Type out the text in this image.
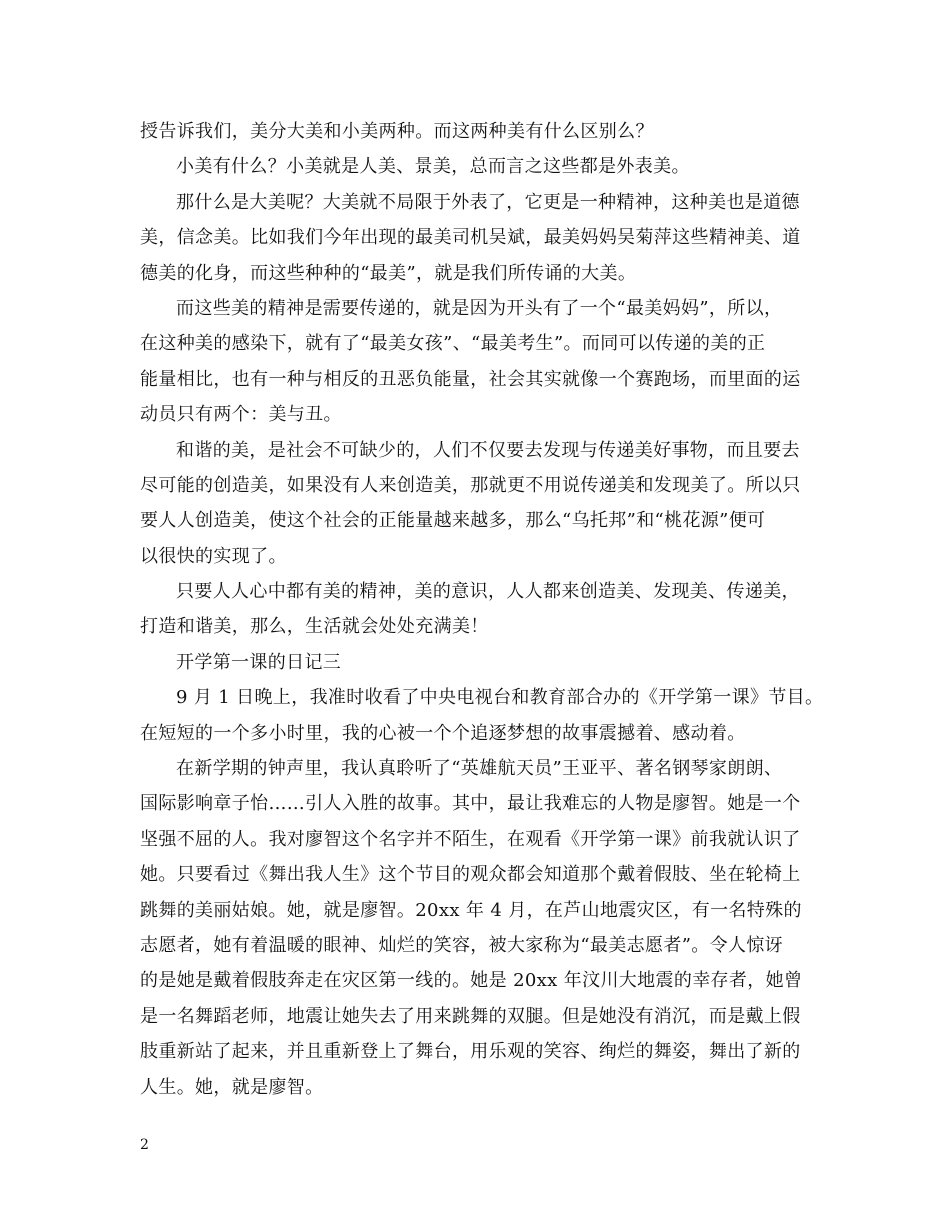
授告诉我们，美分大美和小美两种。而这两种美有什么区别么？
小美有什么？小美就是人美、景美，总而言之这些都是外表美。
那什么是大美呢？大美就不局限于外表了，它更是一种精神，这种美也是道德
美，信念美。比如我们今年出现的最美司机吴斌，最美妈妈吴菊萍这些精神美、道
德美的化身，而这些种种的“最美”，就是我们所传诵的大美。
而这些美的精神是需要传递的，就是因为开头有了一个“最美妈妈”，所以，
在这种美的感染下，就有了“最美女孩”、“最美考生”。而同可以传递的美的正
能量相比，也有一种与相反的丑恶负能量，社会其实就像一个赛跑场，而里面的运
动员只有两个：美与丑。
和谐的美，是社会不可缺少的，人们不仅要去发现与传递美好事物，而且要去
尽可能的创造美，如果没有人来创造美，那就更不用说传递美和发现美了。所以只
要人人创造美，使这个社会的正能量越来越多，那么“乌托邦”和“桃花源”便可
以很快的实现了。
只要人人心中都有美的精神，美的意识，人人都来创造美、发现美、传递美，
打造和谐美，那么，生活就会处处充满美！
开学第一课的日记三
9 月 1 日晚上，我准时收看了中央电视台和教育部合办的《开学第一课》节目。
在短短的一个多小时里，我的心被一个个追逐梦想的故事震撼着、感动着。
在新学期的钟声里，我认真聆听了“英雄航天员”王亚平、著名钢琴家朗朗、
国际影响章子怡……引人入胜的故事。其中，最让我难忘的人物是廖智。她是一个
坚强不屈的人。我对廖智这个名字并不陌生，在观看《开学第一课》前我就认识了
她。只要看过《舞出我人生》这个节目的观众都会知道那个戴着假肢、坐在轮椅上
跳舞的美丽姑娘。她，就是廖智。20xx 年 4 月，在芦山地震灾区，有一名特殊的
志愿者，她有着温暖的眼神、灿烂的笑容，被大家称为“最美志愿者”。令人惊讶
的是她是戴着假肢奔走在灾区第一线的。她是 20xx 年汶川大地震的幸存者，她曾
是一名舞蹈老师，地震让她失去了用来跳舞的双腿。但是她没有消沉，而是戴上假
肢重新站了起来，并且重新登上了舞台，用乐观的笑容、绚烂的舞姿，舞出了新的
人生。她，就是廖智。
2
